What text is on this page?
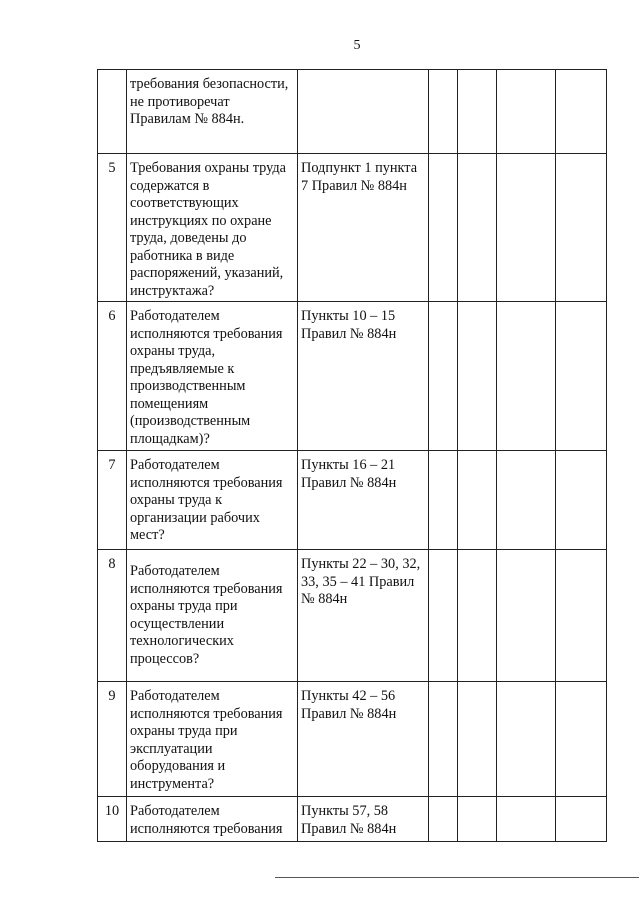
5
	требования безопасности, не противоречат Правилам № 884н.					
5	Требования охраны труда содержатся в соответствующих инструкциях по охране труда, доведены до работника в виде распоряжений, указаний, инструктажа?	Подпункт 1 пункта 7 Правил № 884н				
6	Работодателем исполняются требования охраны труда, предъявляемые к производственным помещениям (производственным площадкам)?	Пункты 10 – 15 Правил № 884н				
7	Работодателем исполняются требования охраны труда к организации рабочих мест?	Пункты 16 – 21 Правил № 884н				
8	Работодателем исполняются требования охраны труда при осуществлении технологических процессов?	Пункты 22 – 30, 32, 33, 35 – 41 Правил № 884н				
9	Работодателем исполняются требования охраны труда при эксплуатации оборудования и инструмента?	Пункты 42 – 56 Правил № 884н				
10	Работодателем исполняются требования	Пункты 57, 58 Правил № 884н				
